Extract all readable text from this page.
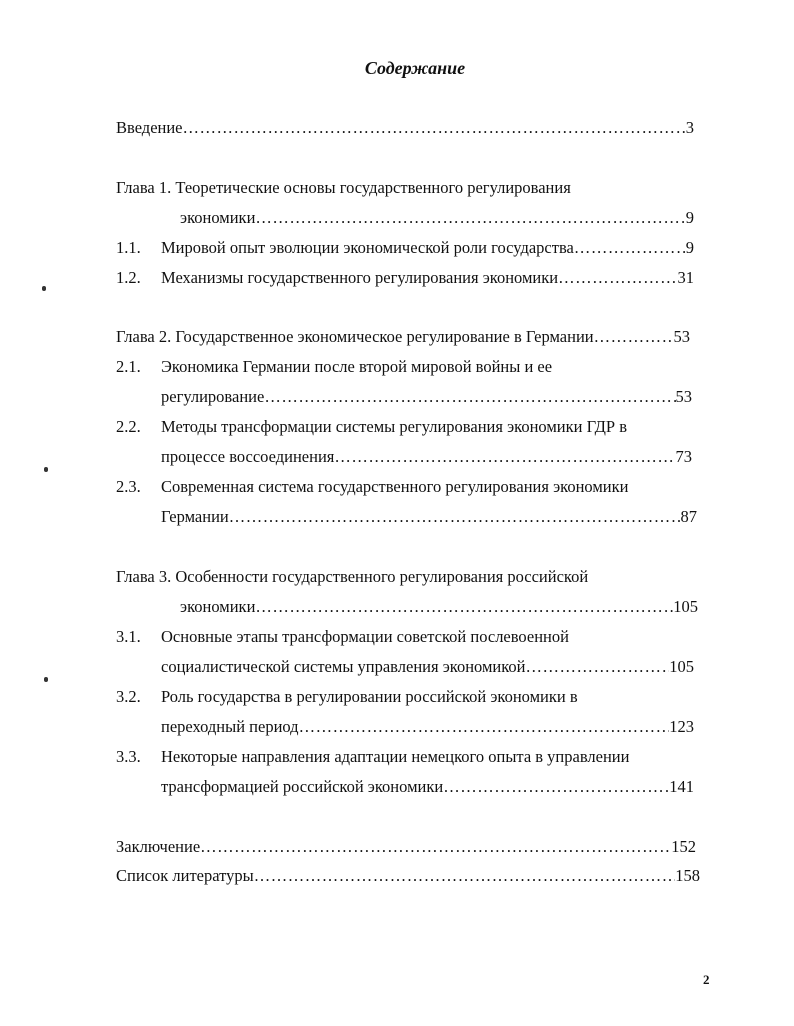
Содержание
Введение ……………………………………………………………………………………………………………………………………………………	3
Глава 1. Теоретические основы государственного регулирования
экономики ……………………………………………………………………………………………………………………………………………………	9
1.1.	Мировой опыт эволюции экономической роли государства ……………………………………………………………………………………………………………………………………………………	9
1.2.	Механизмы государственного регулирования экономики ……………………………………………………………………………………………………………………………………………………	31
Глава 2. Государственное экономическое регулирование в Германии ……………………………………………………………………………………………………………………………………………………	53
2.1.	Экономика Германии после второй мировой войны и ее
регулирование ……………………………………………………………………………………………………………………………………………………	53
2.2.	Методы трансформации системы регулирования экономики ГДР в
процессе воссоединения ……………………………………………………………………………………………………………………………………………………	73
2.3.	Современная система государственного регулирования экономики
Германии ……………………………………………………………………………………………………………………………………………………	87
Глава 3. Особенности государственного регулирования российской
экономики ……………………………………………………………………………………………………………………………………………………	105
3.1.	Основные этапы трансформации советской послевоенной
социалистической системы управления экономикой ……………………………………………………………………………………………………………………………………………………	105
3.2.	Роль государства в регулировании российской экономики в
переходный период ……………………………………………………………………………………………………………………………………………………	123
3.3.	Некоторые направления адаптации немецкого опыта в управлении
трансформацией российской экономики ……………………………………………………………………………………………………………………………………………………	141
Заключение ……………………………………………………………………………………………………………………………………………………	152
Список литературы ……………………………………………………………………………………………………………………………………………………	158
2
